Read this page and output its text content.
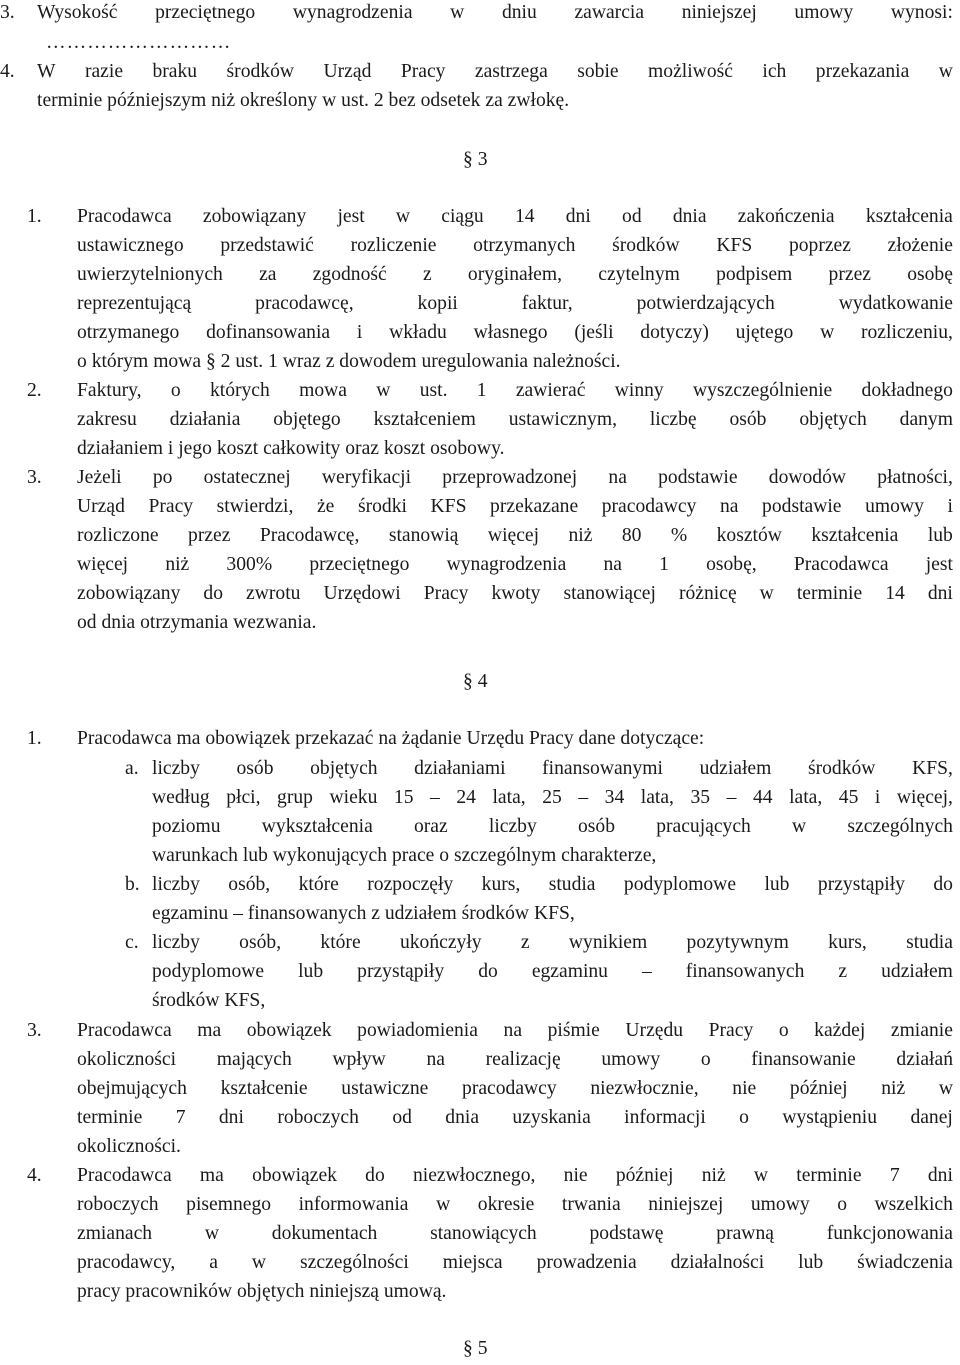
3. Wysokość przeciętnego wynagrodzenia w dniu zawarcia niniejszej umowy wynosi:
………………………
4. W razie braku środków Urząd Pracy zastrzega sobie możliwość ich przekazania w
terminie późniejszym niż określony w ust. 2 bez odsetek za zwłokę.
§ 3
1. Pracodawca zobowiązany jest w ciągu 14 dni od dnia zakończenia kształcenia
ustawicznego przedstawić rozliczenie otrzymanych środków KFS poprzez złożenie
uwierzytelnionych za zgodność z oryginałem, czytelnym podpisem przez osobę
reprezentującą	pracodawcę,	kopii	faktur,	potwierdzających	wydatkowanie
otrzymanego dofinansowania i wkładu własnego (jeśli dotyczy) ujętego w rozliczeniu,
o którym mowa § 2 ust. 1 wraz z dowodem uregulowania należności.
2. Faktury, o których mowa w ust. 1 zawierać winny wyszczególnienie dokładnego
zakresu działania objętego kształceniem ustawicznym, liczbę osób objętych danym
działaniem i jego koszt całkowity oraz koszt osobowy.
3. Jeżeli po ostatecznej weryfikacji przeprowadzonej na podstawie dowodów płatności,
Urząd Pracy stwierdzi, że środki KFS przekazane pracodawcy na podstawie umowy i
rozliczone przez Pracodawcę, stanowią więcej niż 80 % kosztów kształcenia lub
więcej niż 300% przeciętnego wynagrodzenia na 1 osobę, Pracodawca jest
zobowiązany do zwrotu Urzędowi Pracy kwoty stanowiącej różnicę w terminie 14 dni
od dnia otrzymania wezwania.
§ 4
1. Pracodawca ma obowiązek przekazać na żądanie Urzędu Pracy dane dotyczące:
a. liczby osób objętych działaniami finansowanymi udziałem środków KFS,
według płci, grup wieku 15 – 24 lata, 25 – 34 lata, 35 – 44 lata, 45 i więcej,
poziomu wykształcenia oraz liczby osób pracujących w szczególnych
warunkach lub wykonujących prace o szczególnym charakterze,
b. liczby osób, które rozpoczęły kurs, studia podyplomowe lub przystąpiły do
egzaminu – finansowanych z udziałem środków KFS,
c. liczby osób, które ukończyły z wynikiem pozytywnym kurs, studia
podyplomowe lub przystąpiły do egzaminu – finansowanych z udziałem
środków KFS,
3. Pracodawca ma obowiązek powiadomienia na piśmie Urzędu Pracy o każdej zmianie
okoliczności mających wpływ na realizację umowy o finansowanie działań
obejmujących kształcenie ustawiczne pracodawcy niezwłocznie, nie później niż w
terminie 7 dni roboczych od dnia uzyskania informacji o wystąpieniu danej
okoliczności.
4. Pracodawca ma obowiązek do niezwłocznego, nie później niż w terminie 7 dni
roboczych pisemnego informowania w okresie trwania niniejszej umowy o wszelkich
zmianach	w	dokumentach	stanowiących	podstawę	prawną	funkcjonowania
pracodawcy, a w szczególności miejsca prowadzenia działalności lub świadczenia
pracy pracowników objętych niniejszą umową.
§ 5
